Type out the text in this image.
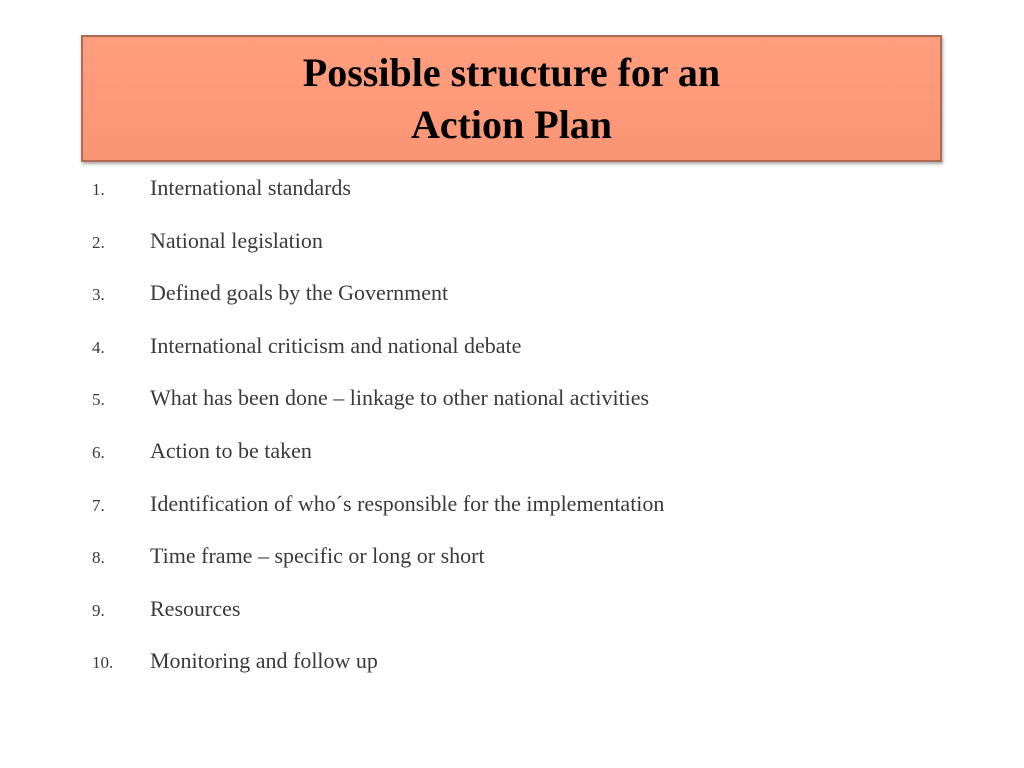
Possible structure for an
Action Plan
1.	International standards
2.	National legislation
3.	Defined goals by the Government
4.	International criticism and national debate
5.	What has been done – linkage to other national activities
6.	Action to be taken
7.	Identification of who´s responsible for the implementation
8.	Time frame – specific or long or short
9.	Resources
10.	Monitoring and follow up
